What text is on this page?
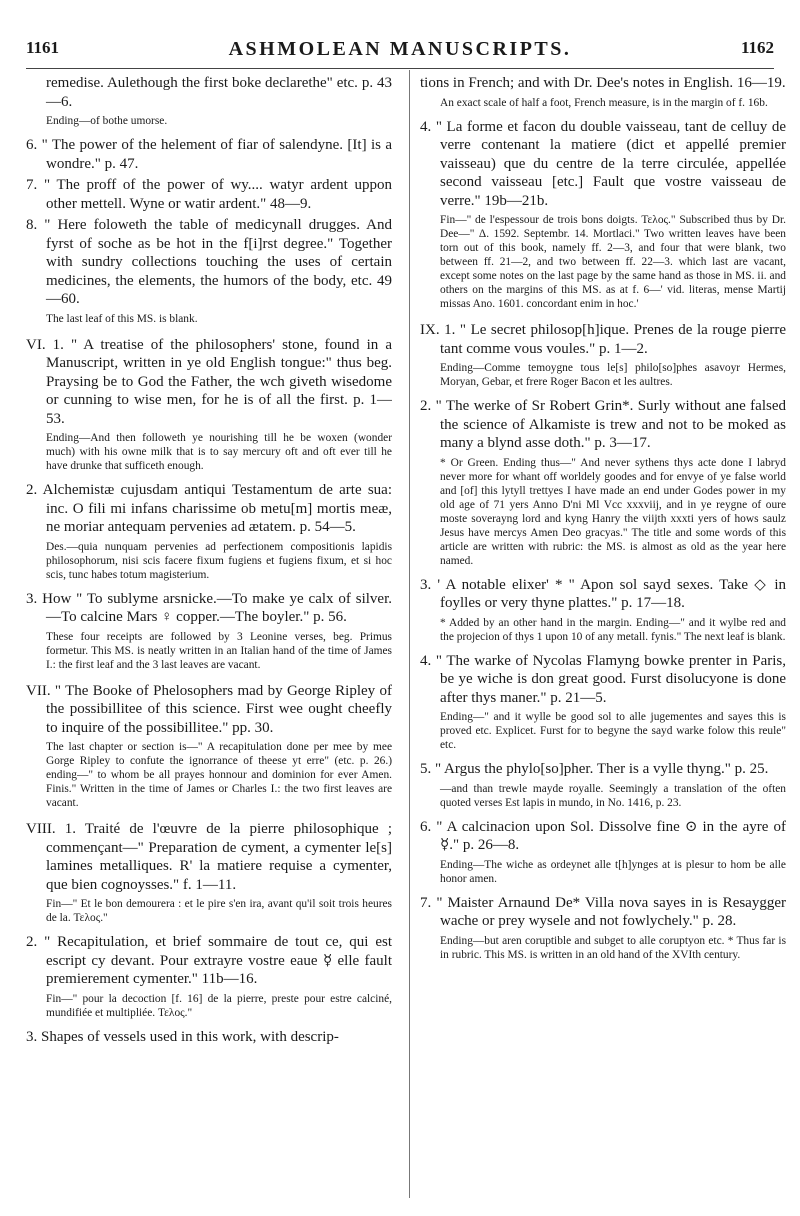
1161	ASHMOLEAN MANUSCRIPTS.	1162
remedise. Aulethough the first boke declarethe" etc. p. 43—6.
Ending—of bothe umorse.
6. " The power of the helement of fiar of salendyne. [It] is a wondre." p. 47.
7. " The proff of the power of wy.... watyr ardent uppon other mettell. Wyne or watir ardent." 48—9.
8. " Here foloweth the table of medicynall drugges. And fyrst of soche as be hot in the f[i]rst degree." Together with sundry collections touching the uses of certain medicines, the elements, the humors of the body, etc. 49—60.
The last leaf of this MS. is blank.
VI. 1. " A treatise of the philosophers' stone, found in a Manuscript, written in ye old English tongue:" thus beg. Praysing be to God the Father, the wch giveth wisedome or cunning to wise men, for he is of all the first. p. 1—53.
Ending—And then followeth ye nourishing till he be woxen (wonder much) with his owne milk that is to say mercury oft and oft ever till he have drunke that sufficeth enough.
2. Alchemistæ cujusdam antiqui Testamentum de arte sua: inc. O fili mi infans charissime ob metu[m] mortis meæ, ne moriar antequam pervenies ad ætatem. p. 54—5.
Des.—quia nunquam pervenies ad perfectionem compositionis lapidis philosophorum, nisi scis facere fixum fugiens et fugiens fixum, et si hoc scis, tunc habes totum magisterium.
3. How " To sublyme arsnicke.—To make ye calx of silver.—To calcine Mars ♀ copper.—The boyler." p. 56.
These four receipts are followed by 3 Leonine verses, beg. Primus formetur. This MS. is neatly written in an Italian hand of the time of James I.: the first leaf and the 3 last leaves are vacant.
VII. " The Booke of Phelosophers mad by George Ripley of the possibillitee of this science. First wee ought cheefly to inquire of the possibillitee." pp. 30.
The last chapter or section is—" A recapitulation done per mee by mee Gorge Ripley to confute the ignorrance of theese yt erre" (etc. p. 26.) ending—" to whom be all prayes honnour and dominion for ever Amen. Finis." Written in the time of James or Charles I.: the two first leaves are vacant.
VIII. 1. Traité de l'œuvre de la pierre philosophique ; commençant—" Preparation de cyment, a cymenter le[s] lamines metalliques. R' la matiere requise a cymenter, que bien cognoysses." f. 1—11.
Fin—" Et le bon demourera : et le pire s'en ira, avant qu'il soit trois heures de la. Τελος."
2. " Recapitulation, et brief sommaire de tout ce, qui est escript cy devant. Pour extrayre vostre eaue ☿ elle fault premierement cymenter." 11b—16.
Fin—" pour la decoction [f. 16] de la pierre, preste pour estre calciné, mundifiée et multipliée. Τελος."
3. Shapes of vessels used in this work, with descrip-
tions in French; and with Dr. Dee's notes in English. 16—19.
An exact scale of half a foot, French measure, is in the margin of f. 16b.
4. " La forme et facon du double vaisseau, tant de celluy de verre contenant la matiere (dict et appellé premier vaisseau) que du centre de la terre circulée, appellée second vaisseau [etc.] Fault que vostre vaisseau de verre." 19b—21b.
Fin—" de l'espessour de trois bons doigts. Τελος." Subscribed thus by Dr. Dee—" Δ. 1592. Septembr. 14. Mortlaci." Two written leaves have been torn out of this book, namely ff. 2—3, and four that were blank, two between ff. 21—2, and two between ff. 22—3. which last are vacant, except some notes on the last page by the same hand as those in MS. ii. and others on the margins of this MS. as at f. 6—' vid. literas, mense Martij missas Ano. 1601. concordant enim in hoc.'
IX. 1. " Le secret philosop[h]ique. Prenes de la rouge pierre tant comme vous voules." p. 1—2.
Ending—Comme temoygne tous le[s] philo[so]phes asavoyr Hermes, Moryan, Gebar, et frere Roger Bacon et les aultres.
2. " The werke of Sr Robert Grin*. Surly without ane falsed the science of Alkamiste is trew and not to be moked as many a blynd asse doth." p. 3—17.
* Or Green. Ending thus—" And never sythens thys acte done I labryd never more for whant off worldely goodes and for envye of ye false world and [of] this lytyll trettyes I have made an end under Godes power in my old age of 71 yers Anno D'ni Ml Vcc xxxviij, and in ye reygne of oure moste soverayng lord and kyng Hanry the viijth xxxti yers of hows saulz Jesus have mercys Amen Deo gracyas." The title and some words of this article are written with rubric: the MS. is almost as old as the year here named.
3. ' A notable elixer' * " Apon sol sayd sexes. Take ◇ in foylles or very thyne plattes." p. 17—18.
* Added by an other hand in the margin. Ending—" and it wylbe red and the projecion of thys 1 upon 10 of any metall. fynis." The next leaf is blank.
4. " The warke of Nycolas Flamyng bowke prenter in Paris, be ye wiche is don great good. Furst disolucyone is done after thys maner." p. 21—5.
Ending—" and it wylle be good sol to alle jugementes and sayes this is proved etc. Explicet. Furst for to begyne the sayd warke folow this reule" etc.
5. " Argus the phylo[so]pher. Ther is a vylle thyng." p. 25.
—and than trewle mayde royalle. Seemingly a translation of the often quoted verses Est lapis in mundo, in No. 1416, p. 23.
6. " A calcinacion upon Sol. Dissolve fine ⊙ in the ayre of ☿." p. 26—8.
Ending—The wiche as ordeynet alle t[h]ynges at is plesur to hom be alle honor amen.
7. " Maister Arnaund De* Villa nova sayes in is Resaygger wache or prey wysele and not fowlychely." p. 28.
Ending—but aren coruptible and subget to alle coruptyon etc. * Thus far is in rubric. This MS. is written in an old hand of the XVIth century.
